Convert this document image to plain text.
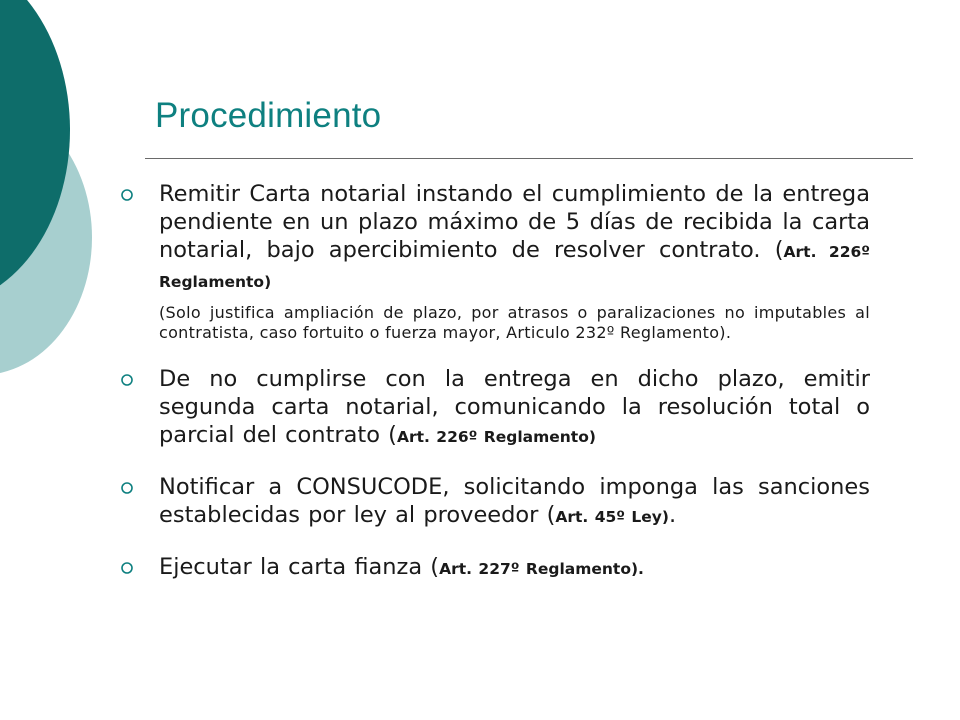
Procedimiento
Remitir Carta notarial instando el cumplimiento de la entrega pendiente en un plazo máximo de 5 días de recibida la carta notarial, bajo apercibimiento de resolver contrato. (Art. 226º Reglamento)
(Solo justifica ampliación de plazo, por atrasos o paralizaciones no imputables al contratista, caso fortuito o fuerza mayor, Articulo 232º Reglamento).
De no cumplirse con la entrega en dicho plazo, emitir segunda carta notarial, comunicando la resolución total o parcial del contrato (Art. 226º Reglamento)
Notificar a CONSUCODE, solicitando imponga las sanciones establecidas por ley al proveedor (Art. 45º Ley).
Ejecutar la carta fianza (Art. 227º Reglamento).
